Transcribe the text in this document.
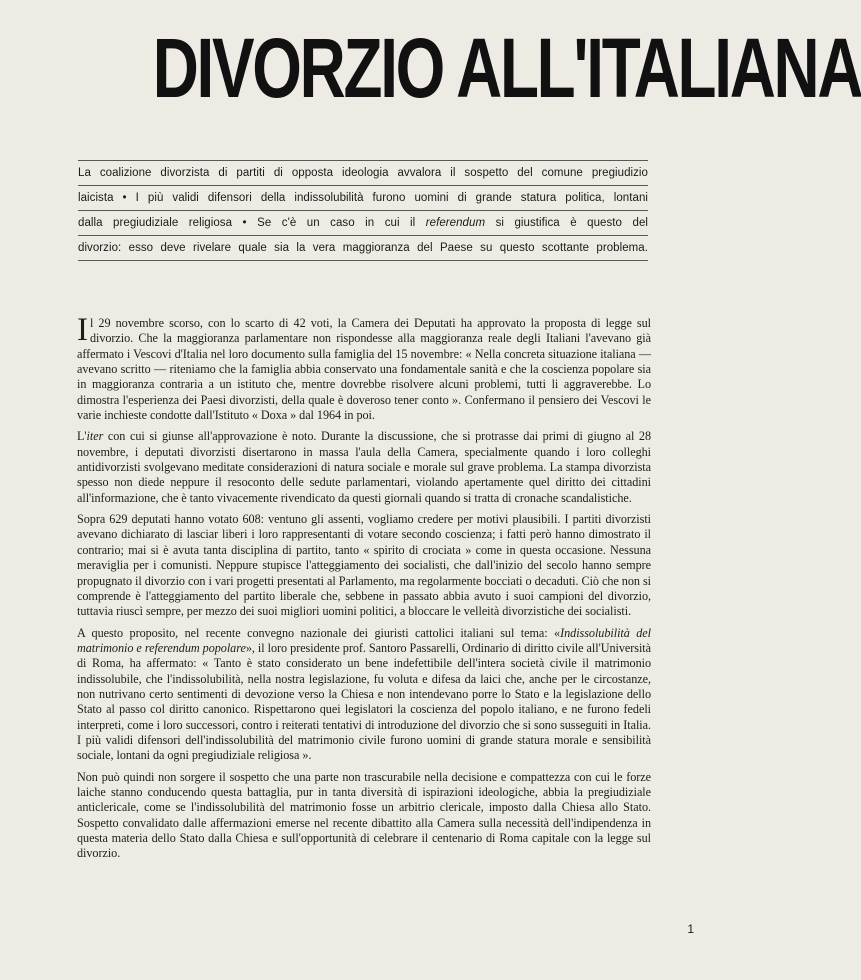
DIVORZIO ALL'ITALIANA
La coalizione divorzista di partiti di opposta ideologia avvalora il sospetto del comune pregiudizio
laicista • I più validi difensori della indissolubilità furono uomini di grande statura politica, lontani
dalla pregiudiziale religiosa • Se c'è un caso in cui il referendum si giustifica è questo del
divorzio: esso deve rivelare quale sia la vera maggioranza del Paese su questo scottante problema.

Il 29 novembre scorso, con lo scarto di 42 voti, la Camera dei Deputati ha approvato la proposta di legge sul divorzio. Che la maggioranza parlamentare non rispondesse alla maggioranza reale degli Italiani l'avevano già affermato i Vescovi d'Italia nel loro documento sulla famiglia del 15 novembre: « Nella concreta situazione italiana — avevano scritto — riteniamo che la famiglia abbia conservato una fondamentale sanità e che la coscienza popolare sia in maggioranza contraria a un istituto che, mentre dovrebbe risolvere alcuni problemi, tutti li aggraverebbe. Lo dimostra l'esperienza dei Paesi divorzisti, della quale è doveroso tener conto ». Confermano il pensiero dei Vescovi le varie inchieste condotte dall'Istituto « Doxa » dal 1964 in poi.

L'iter con cui si giunse all'approvazione è noto. Durante la discussione, che si protrasse dai primi di giugno al 28 novembre, i deputati divorzisti disertarono in massa l'aula della Camera, specialmente quando i loro colleghi antidivorzisti svolgevano meditate considerazioni di natura sociale e morale sul grave problema. La stampa divorzista spesso non diede neppure il resoconto delle sedute parlamentari, violando apertamente quel diritto dei cittadini all'informazione, che è tanto vivacemente rivendicato da questi giornali quando si tratta di cronache scandalistiche.

Sopra 629 deputati hanno votato 608: ventuno gli assenti, vogliamo credere per motivi plausibili. I partiti divorzisti avevano dichiarato di lasciar liberi i loro rappresentanti di votare secondo coscienza; i fatti però hanno dimostrato il contrario; mai si è avuta tanta disciplina di partito, tanto « spirito di crociata » come in questa occasione. Nessuna meraviglia per i comunisti. Neppure stupisce l'atteggiamento dei socialisti, che dall'inizio del secolo hanno sempre propugnato il divorzio con i vari progetti presentati al Parlamento, ma regolarmente bocciati o decaduti. Ciò che non si comprende è l'atteggiamento del partito liberale che, sebbene in passato abbia avuto i suoi campioni del divorzio, tuttavia riuscì sempre, per mezzo dei suoi migliori uomini politici, a bloccare le velleità divorzistiche dei socialisti.

A questo proposito, nel recente convegno nazionale dei giuristi cattolici italiani sul tema: «Indissolubilità del matrimonio e referendum popolare», il loro presidente prof. Santoro Passarelli, Ordinario di diritto civile all'Università di Roma, ha affermato: « Tanto è stato considerato un bene indefettibile dell'intera società civile il matrimonio indissolubile, che l'indissolubilità, nella nostra legislazione, fu voluta e difesa da laici che, anche per le circostanze, non nutrivano certo sentimenti di devozione verso la Chiesa e non intendevano porre lo Stato e la legislazione dello Stato al passo col diritto canonico. Rispettarono quei legislatori la coscienza del popolo italiano, e ne furono fedeli interpreti, come i loro successori, contro i reiterati tentativi di introduzione del divorzio che si sono susseguiti in Italia. I più validi difensori dell'indissolubilità del matrimonio civile furono uomini di grande statura morale e sensibilità sociale, lontani da ogni pregiudiziale religiosa ».

Non può quindi non sorgere il sospetto che una parte non trascurabile nella decisione e compattezza con cui le forze laiche stanno conducendo questa battaglia, pur in tanta diversità di ispirazioni ideologiche, abbia la pregiudiziale anticlericale, come se l'indissolubilità del matrimonio fosse un arbitrio clericale, imposto dalla Chiesa allo Stato. Sospetto convalidato dalle affermazioni emerse nel recente dibattito alla Camera sulla necessità dell'indipendenza in questa materia dello Stato dalla Chiesa e sull'opportunità di celebrare il centenario di Roma capitale con la legge sul divorzio.

1
